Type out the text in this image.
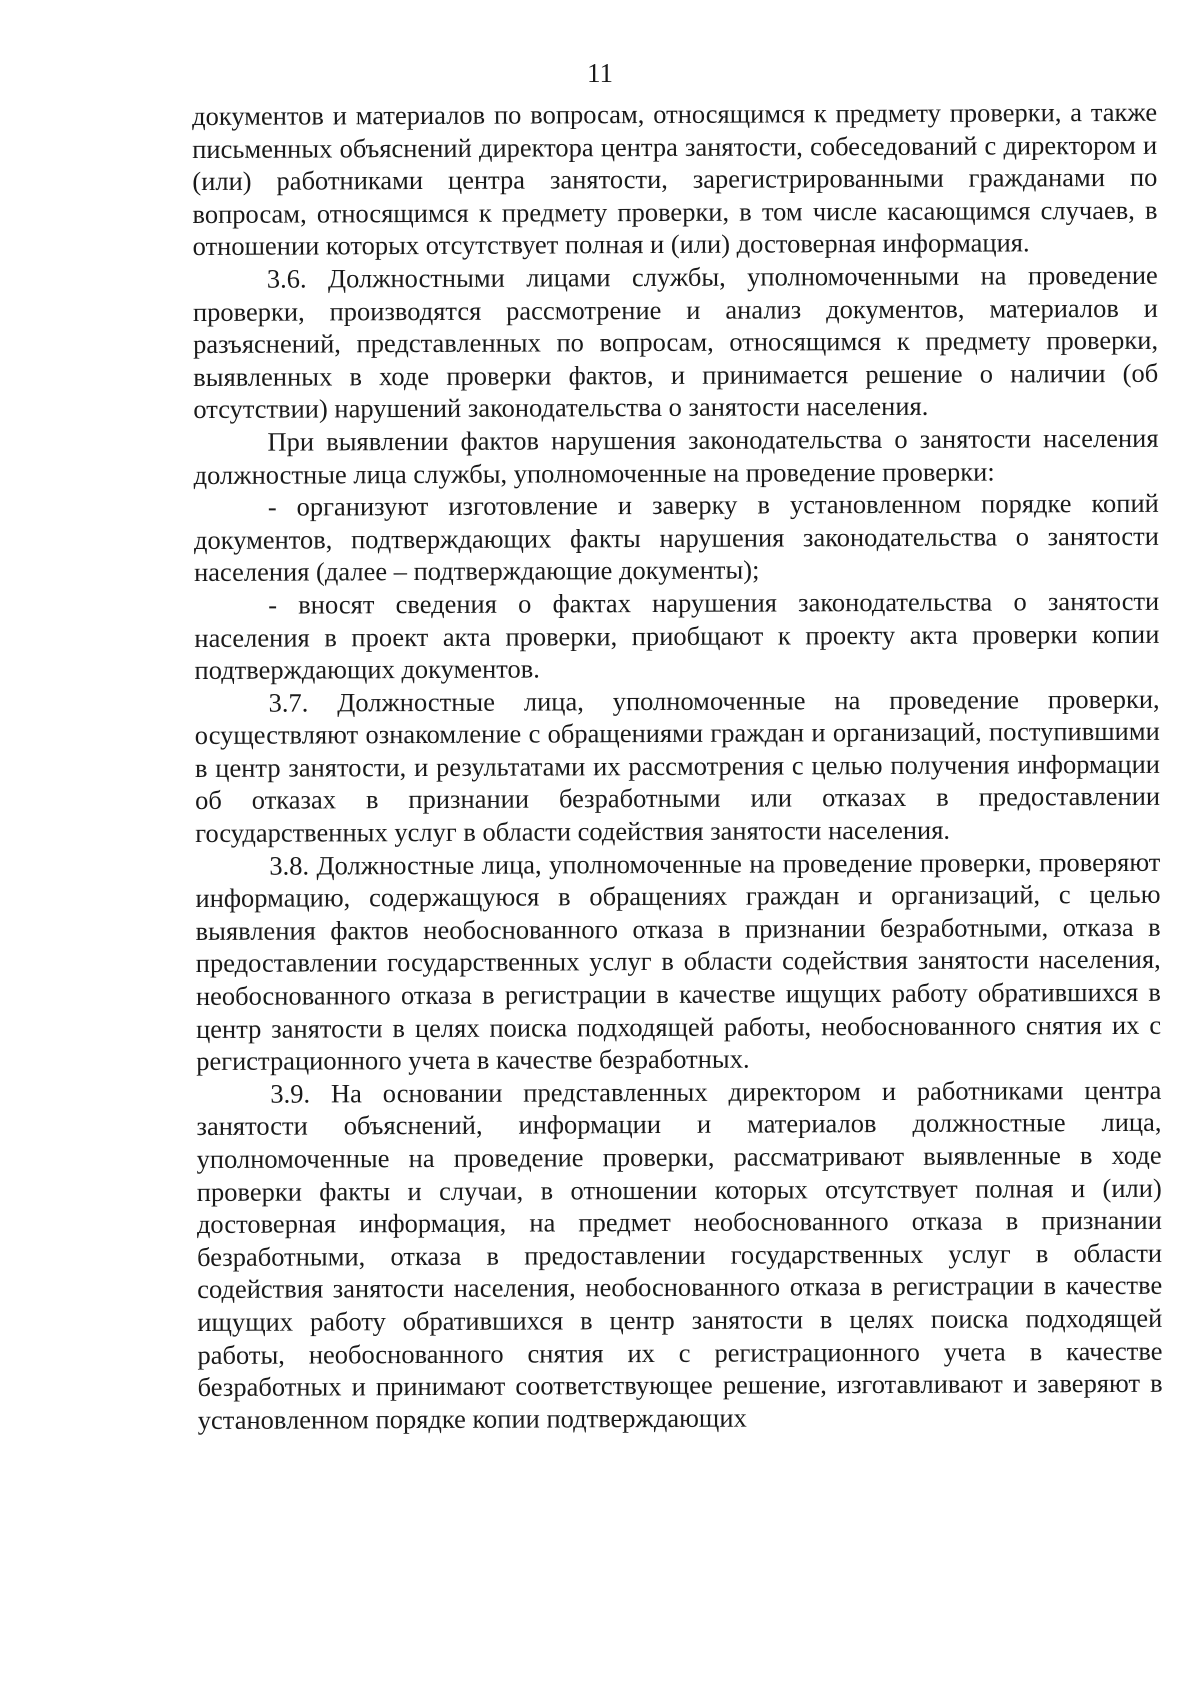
11

документов и материалов по вопросам, относящимся к предмету проверки, а также письменных объяснений директора центра занятости, собеседований с директором и (или) работниками центра занятости, зарегистрированными гражданами по вопросам, относящимся к предмету проверки, в том числе касающимся случаев, в отношении которых отсутствует полная и (или) достоверная информация.

3.6. Должностными лицами службы, уполномоченными на проведение проверки, производятся рассмотрение и анализ документов, материалов и разъяснений, представленных по вопросам, относящимся к предмету проверки, выявленных в ходе проверки фактов, и принимается решение о наличии (об отсутствии) нарушений законодательства о занятости населения.

При выявлении фактов нарушения законодательства о занятости населения должностные лица службы, уполномоченные на проведение проверки:

- организуют изготовление и заверку в установленном порядке копий документов, подтверждающих факты нарушения законодательства о занятости населения (далее – подтверждающие документы);

- вносят сведения о фактах нарушения законодательства о занятости населения в проект акта проверки, приобщают к проекту акта проверки копии подтверждающих документов.

3.7. Должностные лица, уполномоченные на проведение проверки, осуществляют ознакомление с обращениями граждан и организаций, поступившими в центр занятости, и результатами их рассмотрения с целью получения информации об отказах в признании безработными или отказах в предоставлении государственных услуг в области содействия занятости населения.

3.8. Должностные лица, уполномоченные на проведение проверки, проверяют информацию, содержащуюся в обращениях граждан и организаций, с целью выявления фактов необоснованного отказа в признании безработными, отказа в предоставлении государственных услуг в области содействия занятости населения, необоснованного отказа в регистрации в качестве ищущих работу обратившихся в центр занятости в целях поиска подходящей работы, необоснованного снятия их с регистрационного учета в качестве безработных.

3.9. На основании представленных директором и работниками центра занятости объяснений, информации и материалов должностные лица, уполномоченные на проведение проверки, рассматривают выявленные в ходе проверки факты и случаи, в отношении которых отсутствует полная и (или) достоверная информация, на предмет необоснованного отказа в признании безработными, отказа в предоставлении государственных услуг в области содействия занятости населения, необоснованного отказа в регистрации в качестве ищущих работу обратившихся в центр занятости в целях поиска подходящей работы, необоснованного снятия их с регистрационного учета в качестве безработных и принимают соответствующее решение, изготавливают и заверяют в установленном порядке копии подтверждающих
